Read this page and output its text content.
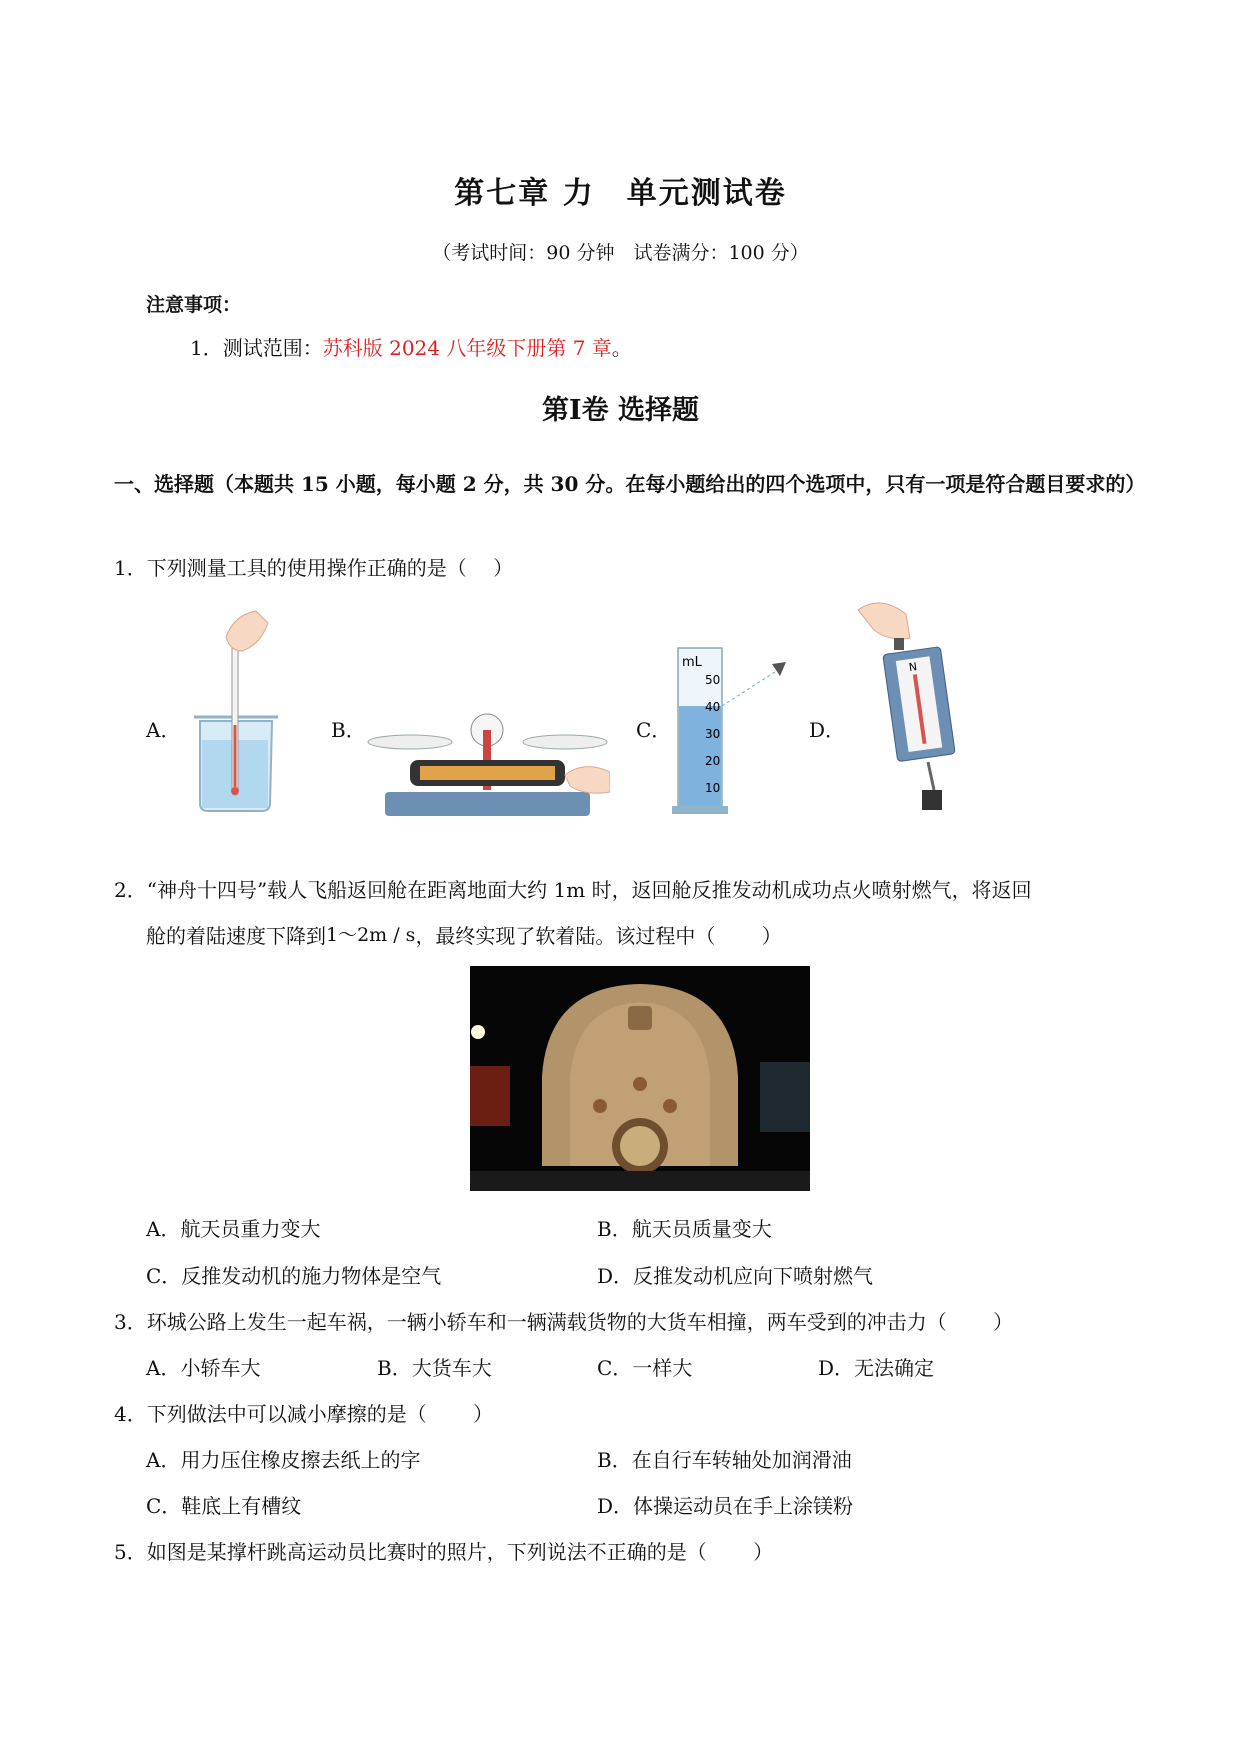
第七章 力　单元测试卷
（考试时间：90 分钟　试卷满分：100 分）
注意事项：
1．测试范围：苏科版 2024 八年级下册第 7 章。
第Ⅰ卷 选择题
一、选择题（本题共 15 小题，每小题 2 分，共 30 分。在每小题给出的四个选项中，只有一项是符合题目要求的）
1．下列测量工具的使用操作正确的是（　 ）
A．	B．	C．	D．
mL
50
40
30
20
10
N
2．“神舟十四号”载人飞船返回舱在距离地面大约 1m 时，返回舱反推发动机成功点火喷射燃气，将返回
舱的着陆速度下降到1～2m / s，最终实现了软着陆。该过程中（　　 ）
A．航天员重力变大	B．航天员质量变大
C．反推发动机的施力物体是空气	D．反推发动机应向下喷射燃气
3．环城公路上发生一起车祸，一辆小轿车和一辆满载货物的大货车相撞，两车受到的冲击力（　　 ）
A．小轿车大	B．大货车大	C．一样大	D．无法确定
4．下列做法中可以减小摩擦的是（　　 ）
A．用力压住橡皮擦去纸上的字	B．在自行车转轴处加润滑油
C．鞋底上有槽纹	D．体操运动员在手上涂镁粉
5．如图是某撑杆跳高运动员比赛时的照片，下列说法不正确的是（　　 ）
